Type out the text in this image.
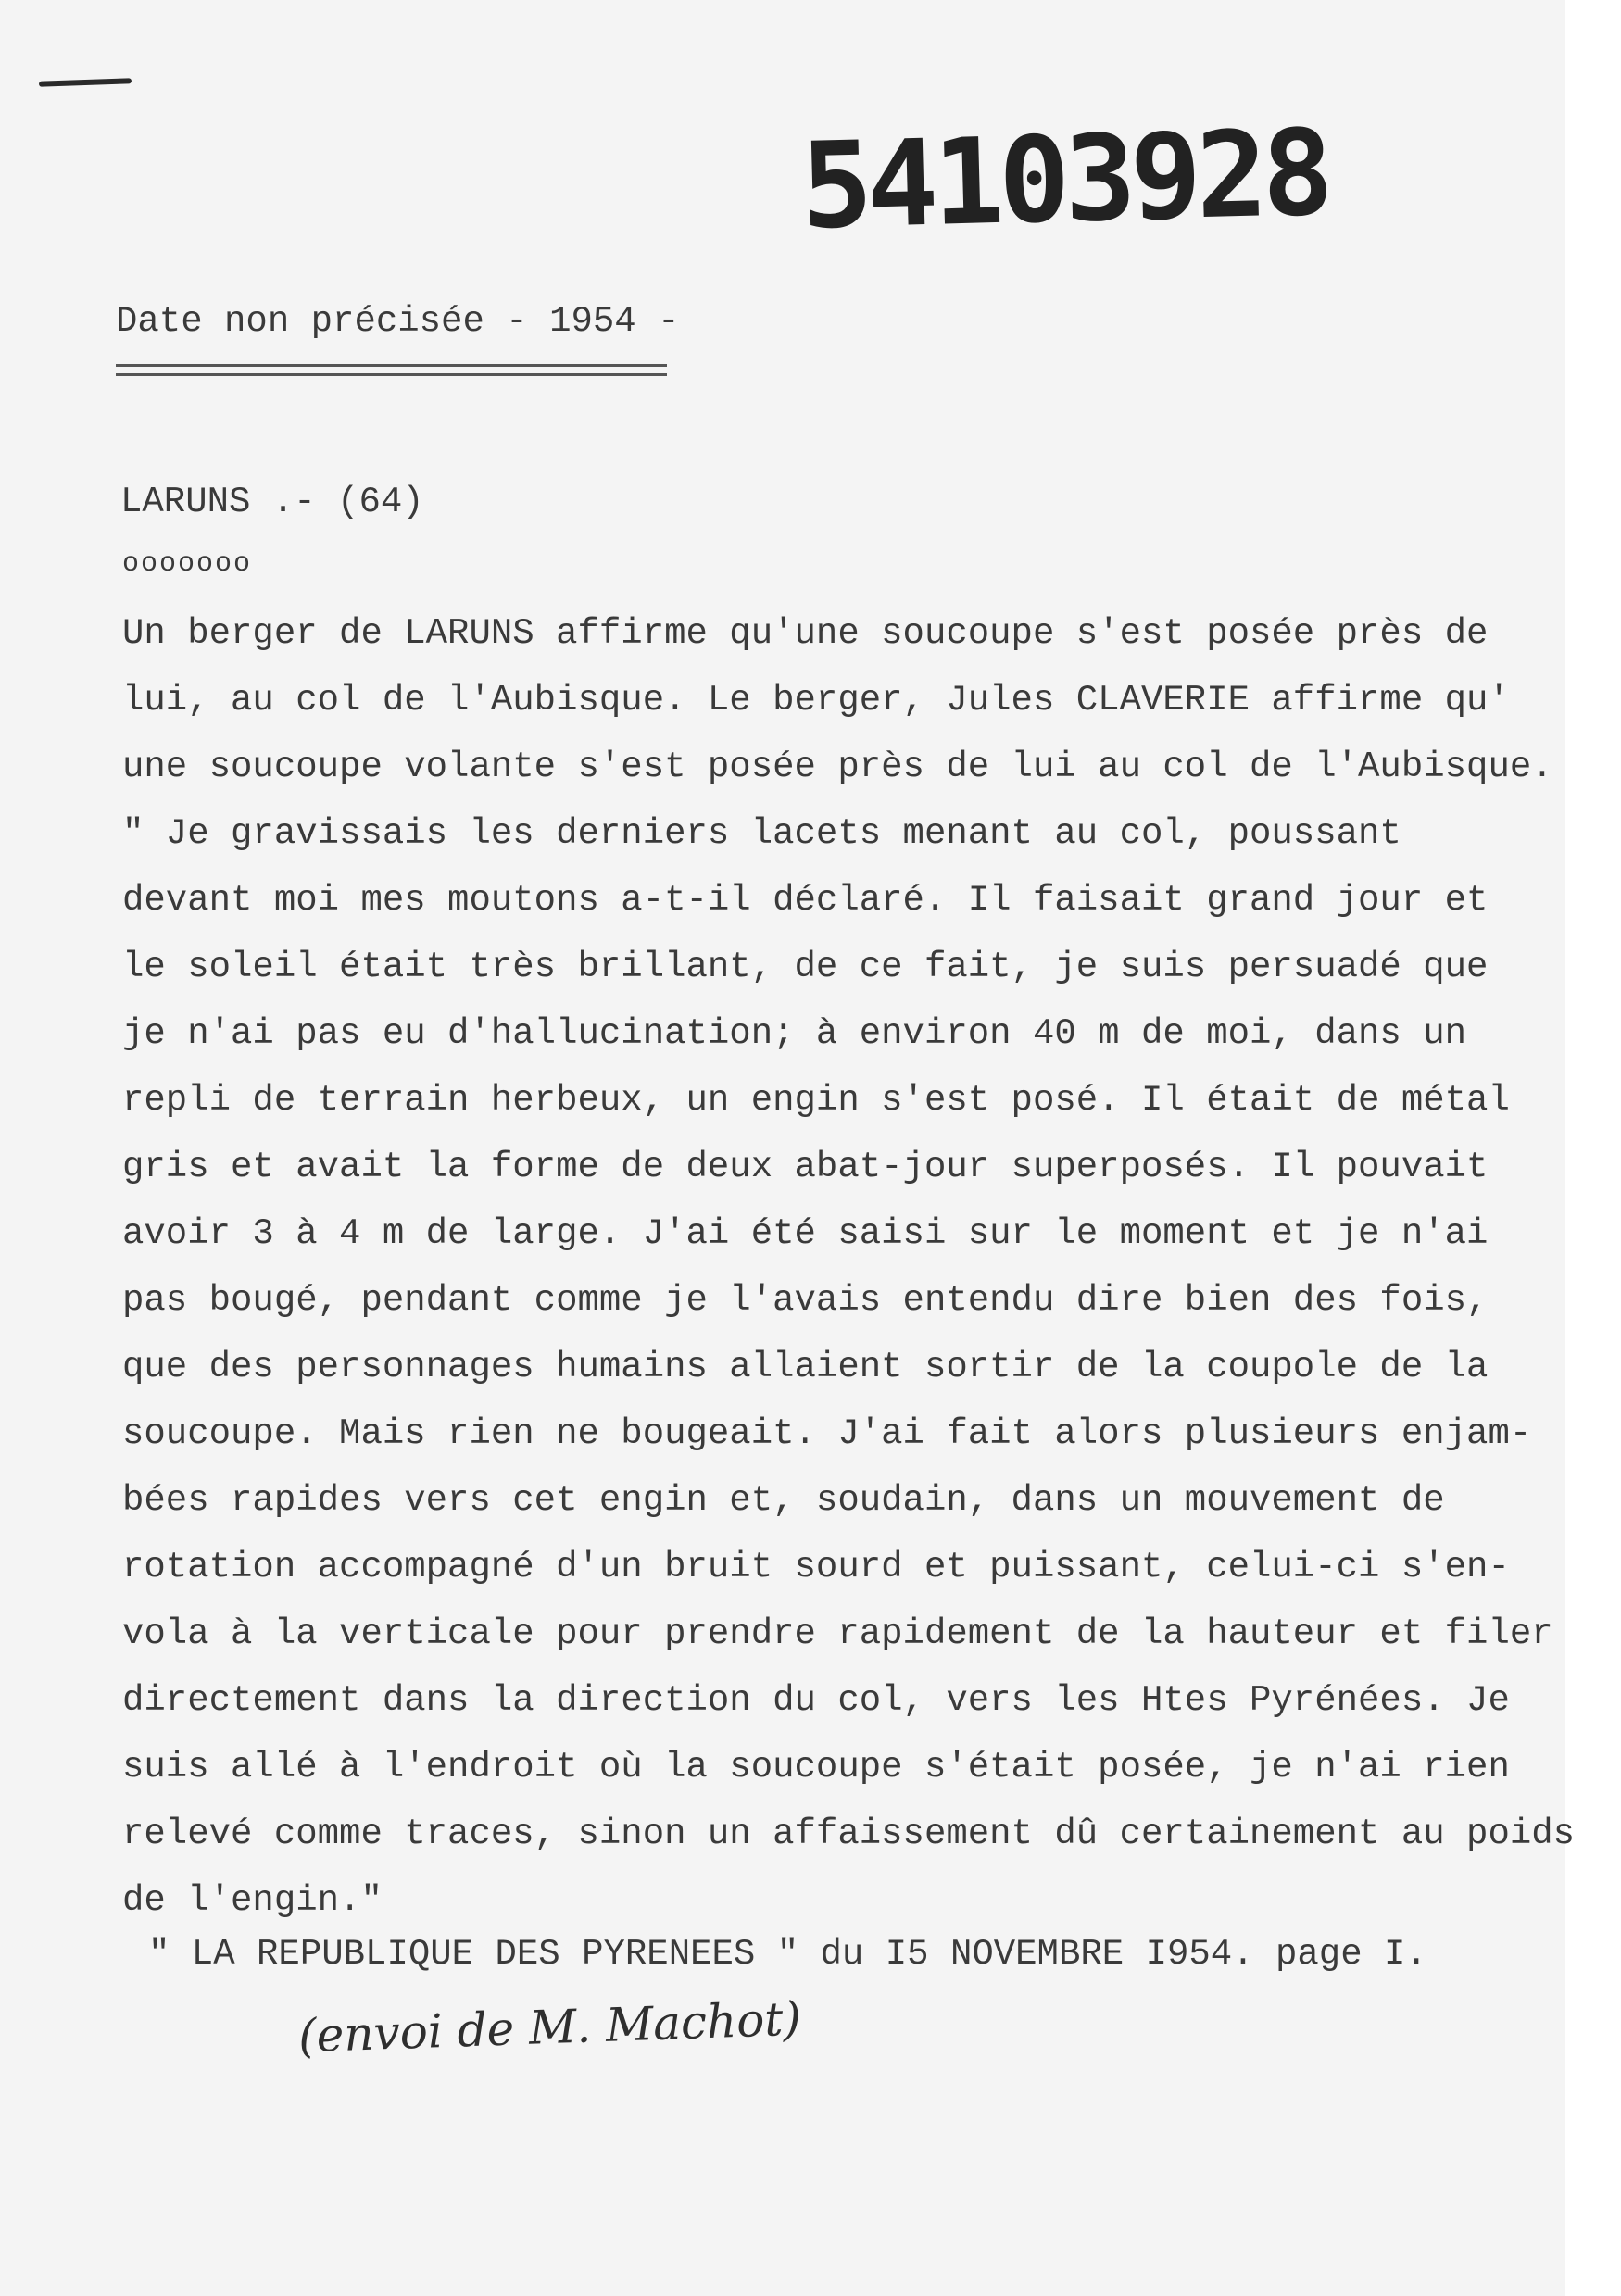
54103928
Date non précisée - 1954 -
LARUNS .- (64)
ooooooo
Un berger de LARUNS affirme qu'une soucoupe s'est posée près de
lui, au col de l'Aubisque. Le berger, Jules CLAVERIE affirme qu'
une soucoupe volante s'est posée près de lui au col de l'Aubisque.
" Je gravissais les derniers lacets menant au col, poussant
devant moi mes moutons a-t-il déclaré. Il faisait grand jour et
le soleil était très brillant, de ce fait, je suis persuadé que
je n'ai pas eu d'hallucination; à environ 40 m de moi, dans un
repli de terrain herbeux, un engin s'est posé. Il était de métal
gris et avait la forme de deux abat-jour superposés. Il pouvait
avoir 3 à 4 m de large. J'ai été saisi sur le moment et je n'ai
pas bougé, pendant comme je l'avais entendu dire bien des fois,
que des personnages humains allaient sortir de la coupole de la
soucoupe. Mais rien ne bougeait. J'ai fait alors plusieurs enjam-
bées rapides vers cet engin et, soudain, dans un mouvement de
rotation accompagné d'un bruit sourd et puissant, celui-ci s'en-
vola à la verticale pour prendre rapidement de la hauteur et filer
directement dans la direction du col, vers les Htes Pyrénées. Je
suis allé à l'endroit où la soucoupe s'était posée, je n'ai rien
relevé comme traces, sinon un affaissement dû certainement au poids
de l'engin."
" LA REPUBLIQUE DES PYRENEES " du I5 NOVEMBRE I954. page I.
(envoi de M. Machot)
